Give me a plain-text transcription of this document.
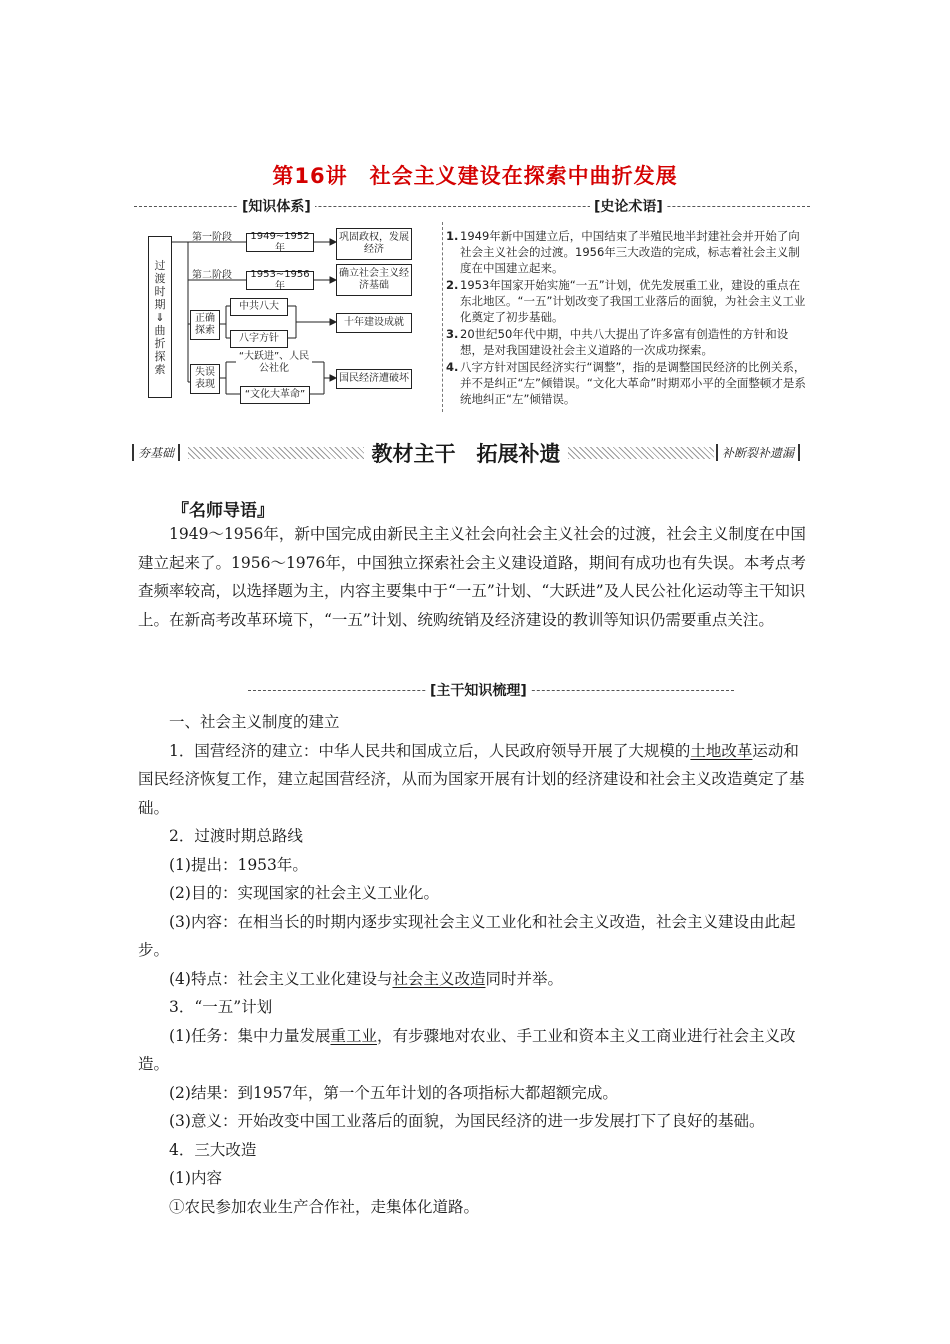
第16讲　社会主义建设在探索中曲折发展
[知识体系]	[史论术语]
过
渡
时
期
⇓
曲
折
探
索
第一阶段	1949~1952年
巩固政权，发展经济
第二阶段	1953~1956年
确立社会主义经济基础
正确探索
中共八大
八字方针
十年建设成就
失误表现
“大跃进”、人民公社化
“文化大革命”
国民经济遭破坏
1. 1949年新中国建立后，中国结束了半殖民地半封建社会并开始了向社会主义社会的过渡。1956年三大改造的完成，标志着社会主义制度在中国建立起来。
2. 1953年国家开始实施“一五”计划，优先发展重工业，建设的重点在东北地区。“一五”计划改变了我国工业落后的面貌，为社会主义工业化奠定了初步基础。
3. 20世纪50年代中期，中共八大提出了许多富有创造性的方针和设想，是对我国建设社会主义道路的一次成功探索。
4. 八字方针对国民经济实行“调整”，指的是调整国民经济的比例关系，并不是纠正“左”倾错误。“文化大革命”时期邓小平的全面整顿才是系统地纠正“左”倾错误。
夯基础	教材主干　拓展补遗	补断裂补遗漏
『名师导语』

1949～1956年，新中国完成由新民主主义社会向社会主义社会的过渡，社会主义制度在中国建立起来了。1956～1976年，中国独立探索社会主义建设道路，期间有成功也有失误。本考点考查频率较高，以选择题为主，内容主要集中于“一五”计划、“大跃进”及人民公社化运动等主干知识上。在新高考改革环境下，“一五”计划、统购统销及经济建设的教训等知识仍需要重点关注。

[主干知识梳理]

一、社会主义制度的建立

1．国营经济的建立：中华人民共和国成立后，人民政府领导开展了大规模的土地改革运动和国民经济恢复工作，建立起国营经济，从而为国家开展有计划的经济建设和社会主义改造奠定了基础。

2．过渡时期总路线

(1)提出：1953年。

(2)目的：实现国家的社会主义工业化。

(3)内容：在相当长的时期内逐步实现社会主义工业化和社会主义改造，社会主义建设由此起步。

(4)特点：社会主义工业化建设与社会主义改造同时并举。

3．“一五”计划

(1)任务：集中力量发展重工业，有步骤地对农业、手工业和资本主义工商业进行社会主义改造。

(2)结果：到1957年，第一个五年计划的各项指标大都超额完成。

(3)意义：开始改变中国工业落后的面貌，为国民经济的进一步发展打下了良好的基础。

4．三大改造

(1)内容

①农民参加农业生产合作社，走集体化道路。
